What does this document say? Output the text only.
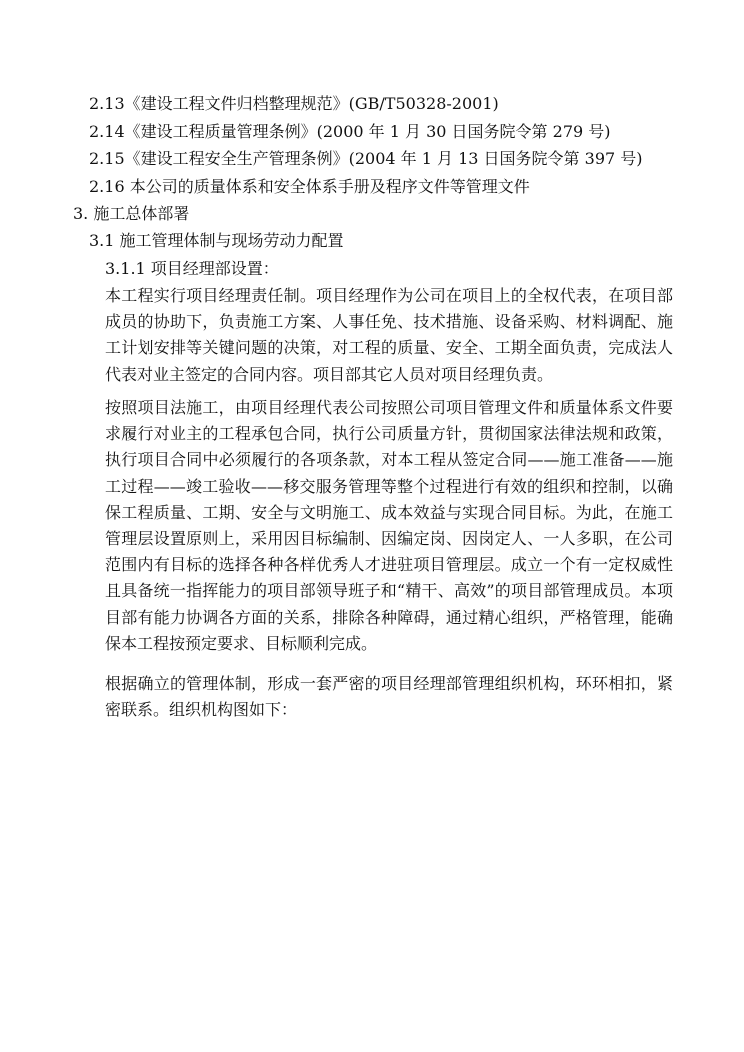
2.13《建设工程文件归档整理规范》(GB/T50328-2001)
2.14《建设工程质量管理条例》(2000 年 1 月 30 日国务院令第 279 号)
2.15《建设工程安全生产管理条例》(2004 年 1 月 13 日国务院令第 397 号)
2.16 本公司的质量体系和安全体系手册及程序文件等管理文件
3. 施工总体部署
3.1 施工管理体制与现场劳动力配置
3.1.1 项目经理部设置：
本工程实行项目经理责任制。项目经理作为公司在项目上的全权代表，在项目部成员的协助下，负责施工方案、人事任免、技术措施、设备采购、材料调配、施工计划安排等关键问题的决策，对工程的质量、安全、工期全面负责，完成法人代表对业主签定的合同内容。项目部其它人员对项目经理负责。
按照项目法施工，由项目经理代表公司按照公司项目管理文件和质量体系文件要求履行对业主的工程承包合同，执行公司质量方针，贯彻国家法律法规和政策，执行项目合同中必须履行的各项条款，对本工程从签定合同——施工准备——施工过程——竣工验收——移交服务管理等整个过程进行有效的组织和控制，以确保工程质量、工期、安全与文明施工、成本效益与实现合同目标。为此，在施工管理层设置原则上，采用因目标编制、因编定岗、因岗定人、一人多职，在公司范围内有目标的选择各种各样优秀人才进驻项目管理层。成立一个有一定权威性且具备统一指挥能力的项目部领导班子和“精干、高效”的项目部管理成员。本项目部有能力协调各方面的关系，排除各种障碍，通过精心组织，严格管理，能确保本工程按预定要求、目标顺利完成。
根据确立的管理体制，形成一套严密的项目经理部管理组织机构，环环相扣，紧密联系。组织机构图如下：
